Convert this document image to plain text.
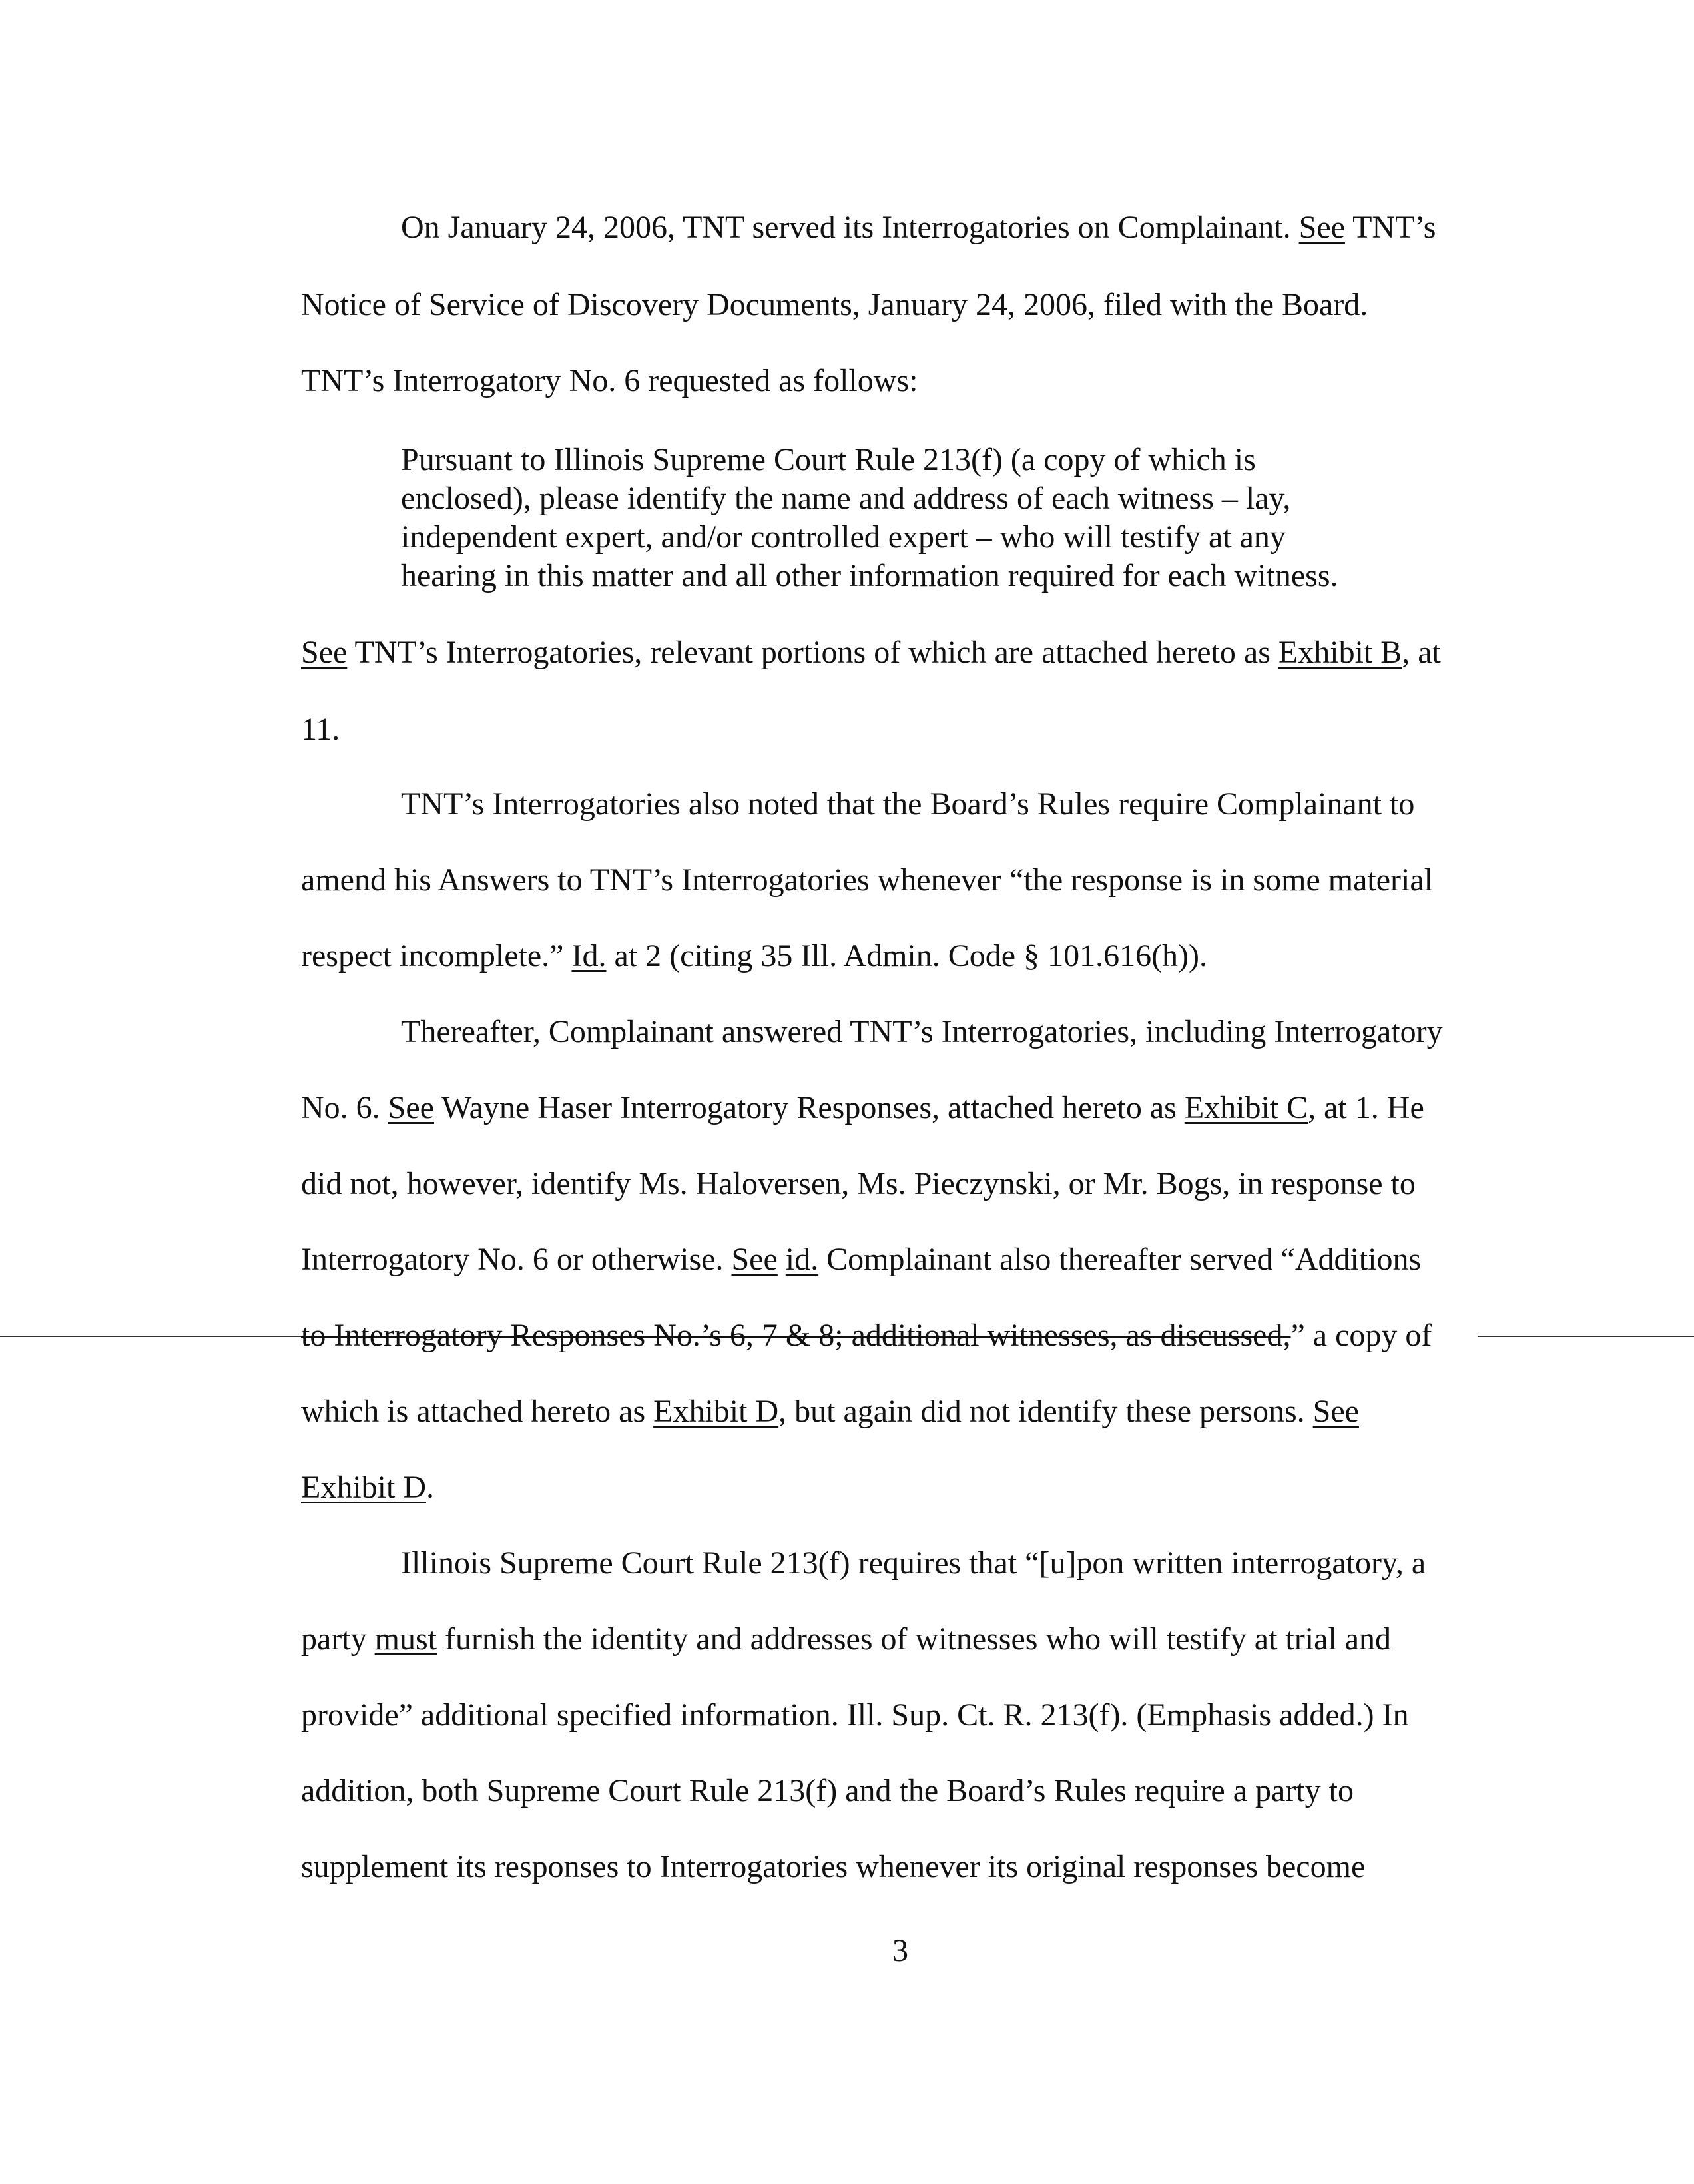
On January 24, 2006, TNT served its Interrogatories on Complainant. See TNT’s
Notice of Service of Discovery Documents, January 24, 2006, filed with the Board.
TNT’s Interrogatory No. 6 requested as follows:
Pursuant to Illinois Supreme Court Rule 213(f) (a copy of which is
enclosed), please identify the name and address of each witness – lay,
independent expert, and/or controlled expert – who will testify at any
hearing in this matter and all other information required for each witness.
See TNT’s Interrogatories, relevant portions of which are attached hereto as Exhibit B, at
11.
TNT’s Interrogatories also noted that the Board’s Rules require Complainant to
amend his Answers to TNT’s Interrogatories whenever “the response is in some material
respect incomplete.” Id. at 2 (citing 35 Ill. Admin. Code § 101.616(h)).
Thereafter, Complainant answered TNT’s Interrogatories, including Interrogatory
No. 6. See Wayne Haser Interrogatory Responses, attached hereto as Exhibit C, at 1. He
did not, however, identify Ms. Haloversen, Ms. Pieczynski, or Mr. Bogs, in response to
Interrogatory No. 6 or otherwise. See id. Complainant also thereafter served “Additions
to Interrogatory Responses No.’s 6, 7 & 8; additional witnesses, as discussed,” a copy of
which is attached hereto as Exhibit D, but again did not identify these persons. See
Exhibit D.
Illinois Supreme Court Rule 213(f) requires that “[u]pon written interrogatory, a
party must furnish the identity and addresses of witnesses who will testify at trial and
provide” additional specified information. Ill. Sup. Ct. R. 213(f). (Emphasis added.) In
addition, both Supreme Court Rule 213(f) and the Board’s Rules require a party to
supplement its responses to Interrogatories whenever its original responses become
3
